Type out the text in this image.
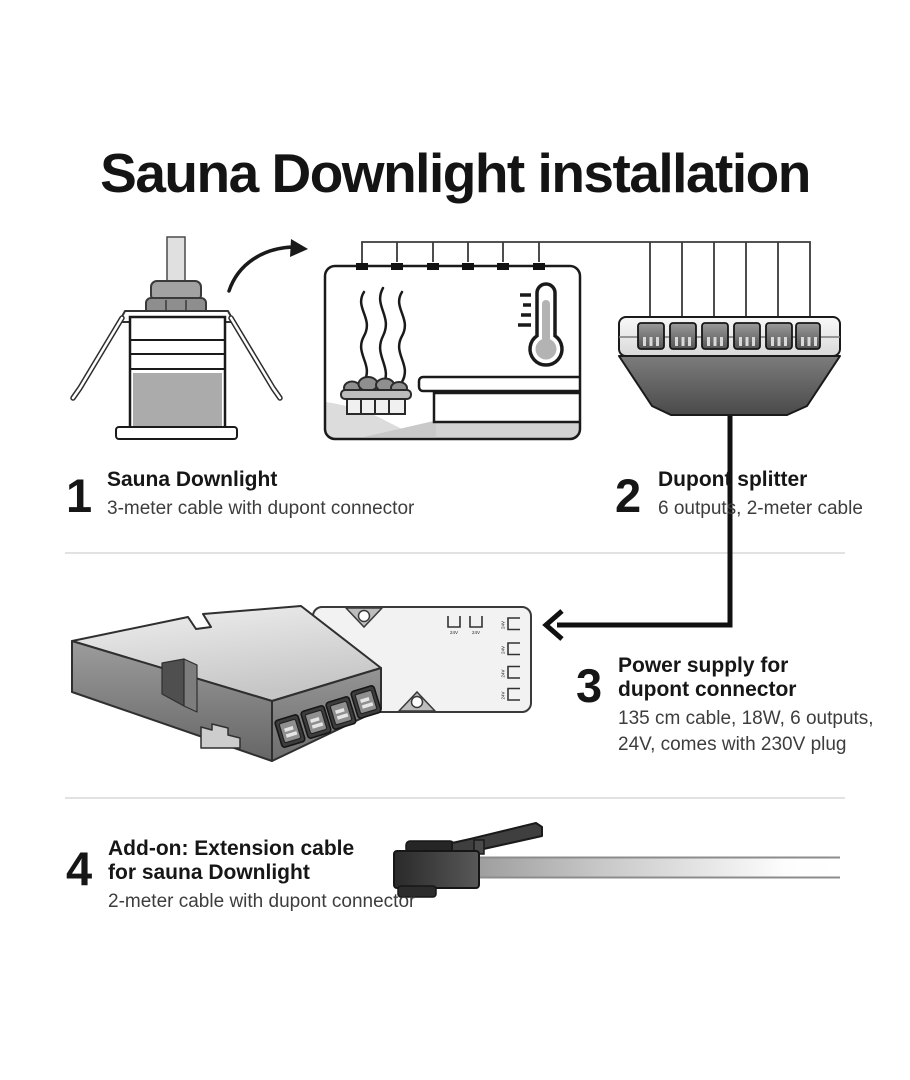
Sauna Downlight installation
24V	24V
24V
24V
24V
24V
1 Sauna Downlight
3-meter cable with dupont connector	2 Dupont splitter
6 outputs, 2-meter cable
3 Power supply for
dupont connector
135 cm cable, 18W, 6 outputs,
24V, comes with 230V plug
4 Add-on: Extension cable
for sauna Downlight
2-meter cable with dupont connector
